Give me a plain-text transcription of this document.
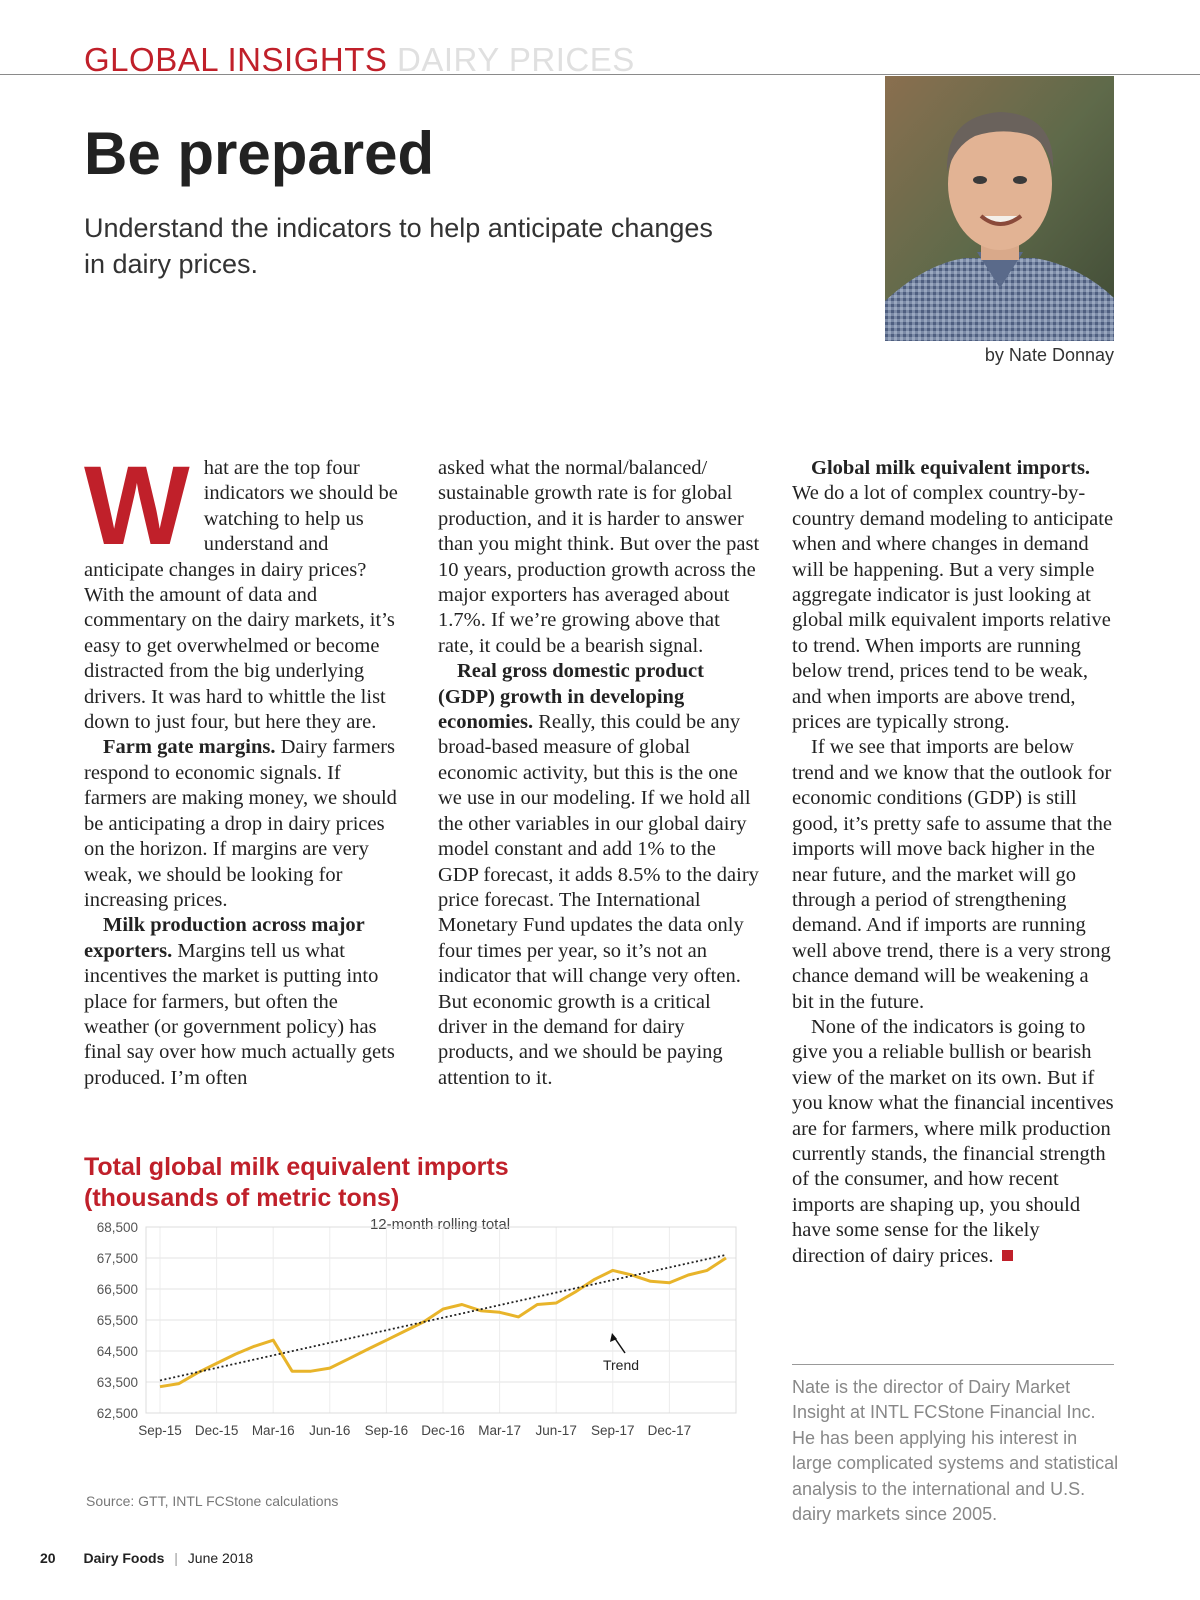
GLOBAL INSIGHTS DAIRY PRICES
Be prepared
Understand the indicators to help anticipate changes
in dairy prices.
by Nate Donnay

What are the top four indicators we should be watching to help us understand and anticipate changes in dairy prices? With the amount of data and commentary on the dairy markets, it’s easy to get overwhelmed or become distracted from the big underlying drivers. It was hard to whittle the list down to just four, but here they are.

Farm gate margins. Dairy farmers respond to economic signals. If farmers are making money, we should be anticipating a drop in dairy prices on the horizon. If margins are very weak, we should be looking for increasing prices.

Milk production across major exporters. Margins tell us what incentives the market is putting into place for farmers, but often the weather (or government policy) has final say over how much actually gets produced. I’m often

asked what the normal/balanced/ sustainable growth rate is for global production, and it is harder to answer than you might think. But over the past 10 years, production growth across the major exporters has averaged about 1.7%. If we’re growing above that rate, it could be a bearish signal.

Real gross domestic product (GDP) growth in developing economies. Really, this could be any broad-based measure of global economic activity, but this is the one we use in our modeling. If we hold all the other variables in our global dairy model constant and add 1% to the GDP forecast, it adds 8.5% to the dairy price forecast. The International Monetary Fund updates the data only four times per year, so it’s not an indicator that will change very often. But economic growth is a critical driver in the demand for dairy products, and we should be paying attention to it.

Global milk equivalent imports. We do a lot of complex country-by-country demand modeling to anticipate when and where changes in demand will be happening. But a very simple aggregate indicator is just looking at global milk equivalent imports relative to trend. When imports are running below trend, prices tend to be weak, and when imports are above trend, prices are typically strong.

If we see that imports are below trend and we know that the outlook for economic conditions (GDP) is still good, it’s pretty safe to assume that the imports will move back higher in the near future, and the market will go through a period of strengthening demand. And if imports are running well above trend, there is a very strong chance demand will be weakening a bit in the future.

None of the indicators is going to give you a reliable bullish or bearish view of the market on its own. But if you know what the financial incentives are for farmers, where milk production currently stands, the financial strength of the consumer, and how recent imports are shaping up, you should have some sense for the likely direction of dairy prices.

Total global milk equivalent imports
(thousands of metric tons)
12-month rolling total
62,500
63,500
64,500
65,500
66,500
67,500
68,500
Sep-15 Dec-15 Mar-16 Jun-16 Sep-16 Dec-16 Mar-17 Jun-17 Sep-17 Dec-17
Trend
Source: GTT, INTL FCStone calculations
Nate is the director of Dairy Market Insight at INTL FCStone Financial Inc. He has been applying his interest in large complicated systems and statistical analysis to the international and U.S. dairy markets since 2005.
20 Dairy Foods | June 2018
